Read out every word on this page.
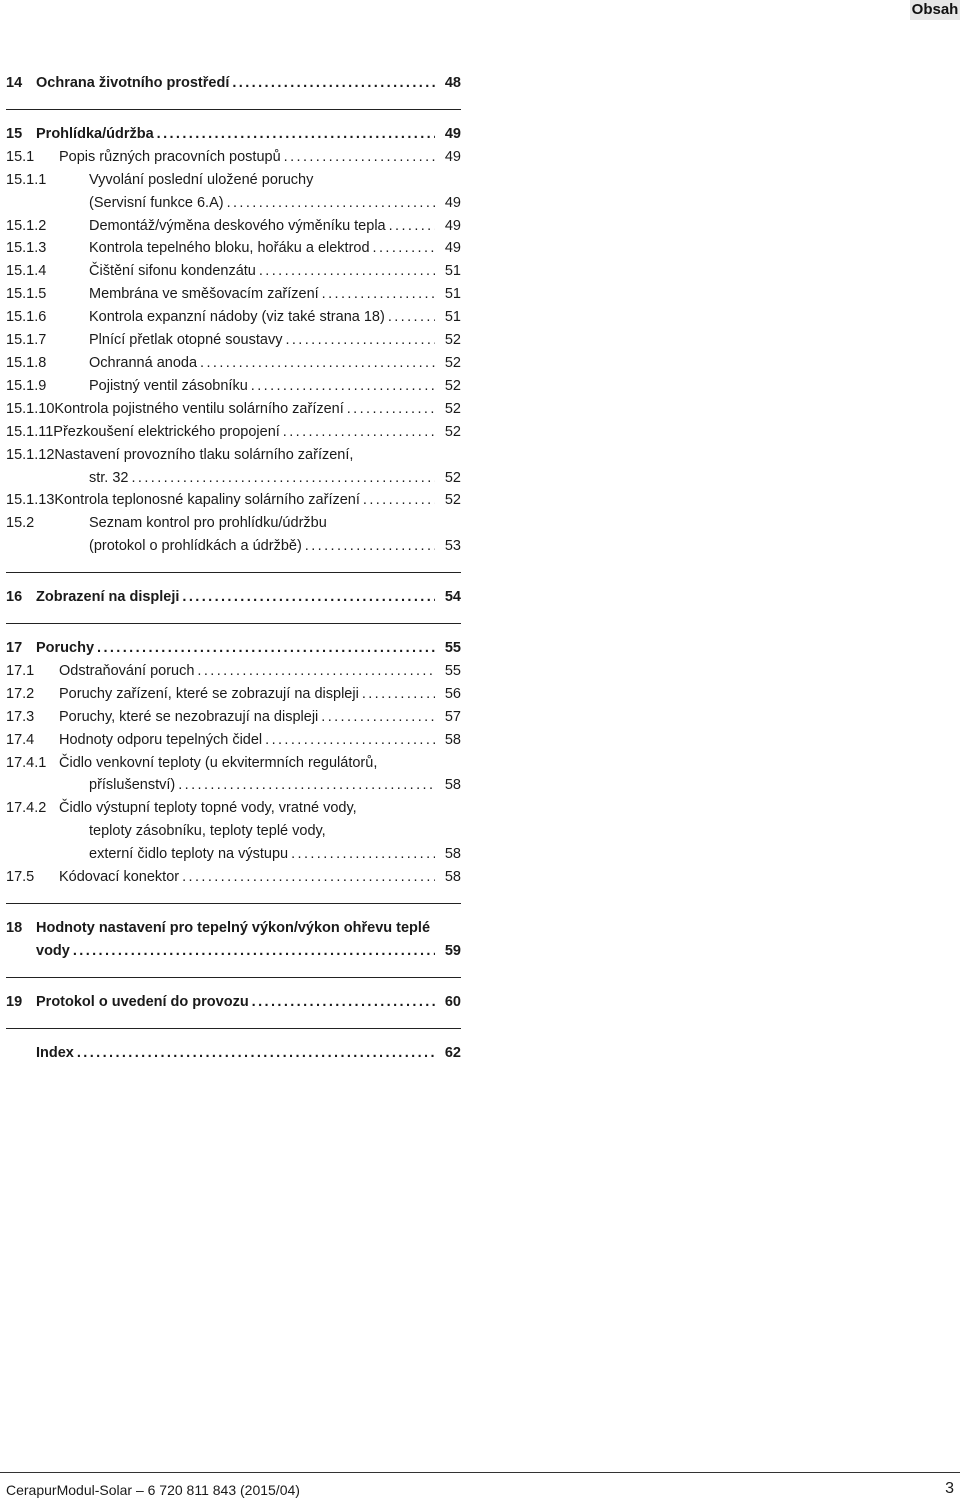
Obsah
14 Ochrana životního prostředí .....	48
15 Prohlídka/údržba .....	49
15.1	Popis různých pracovních postupů .....	49
15.1.1	Vyvolání poslední uložené poruchy
(Servisní funkce 6.A) .....	49
15.1.2	Demontáž/výměna deskového výměníku tepla .....	49
15.1.3	Kontrola tepelného bloku, hořáku a elektrod .....	49
15.1.4	Čištění sifonu kondenzátu .....	51
15.1.5	Membrána ve směšovacím zařízení .....	51
15.1.6	Kontrola expanzní nádoby (viz také strana 18) .....	51
15.1.7	Plnící přetlak otopné soustavy .....	52
15.1.8	Ochranná anoda .....	52
15.1.9	Pojistný ventil zásobníku .....	52
15.1.10Kontrola pojistného ventilu solárního zařízení .....	52
15.1.11Přezkoušení elektrického propojení .....	52
15.1.12Nastavení provozního tlaku solárního zařízení,
str. 32 .....	52
15.1.13Kontrola teplonosné kapaliny solárního zařízení .....	52
15.2	Seznam kontrol pro prohlídku/údržbu
(protokol o prohlídkách a údržbě) .....	53
16 Zobrazení na displeji .....	54
17 Poruchy .....	55
17.1	Odstraňování poruch .....	55
17.2	Poruchy zařízení, které se zobrazují na displeji .....	56
17.3	Poruchy, které se nezobrazují na displeji .....	57
17.4	Hodnoty odporu tepelných čidel .....	58
17.4.1 Čidlo venkovní teploty (u ekvitermních regulátorů,
příslušenství) .....	58
17.4.2 Čidlo výstupní teploty topné vody, vratné vody,
teploty zásobníku, teploty teplé vody,
externí čidlo teploty na výstupu .....	58
17.5	Kódovací konektor .....	58
18 Hodnoty nastavení pro tepelný výkon/výkon ohřevu teplé
vody .....	59
19 Protokol o uvedení do provozu .....	60
Index .....	62
CerapurModul-Solar – 6 720 811 843 (2015/04)	3
